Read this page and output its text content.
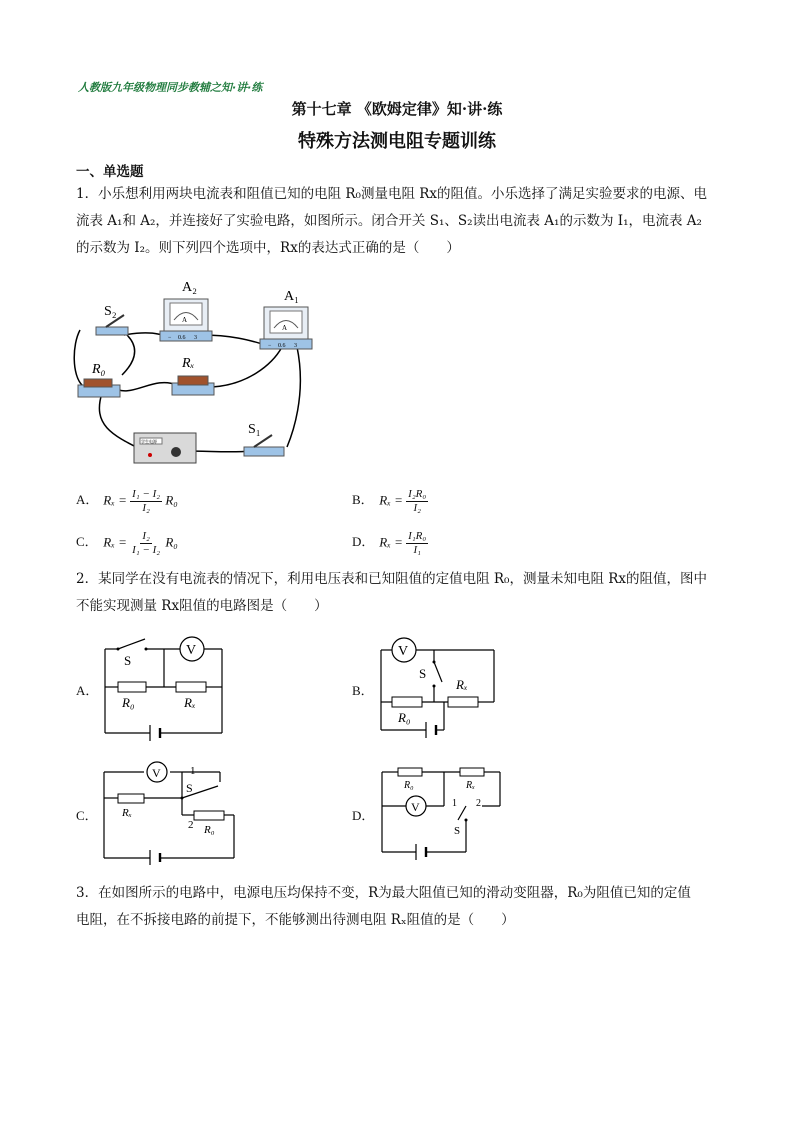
人教版九年级物理同步教辅之知·讲·练
第十七章 《欧姆定律》知·讲·练
特殊方法测电阻专题训练
一、单选题
1．小乐想利用两块电流表和阻值已知的电阻 R₀测量电阻 Rx的阻值。小乐选择了满足实验要求的电源、电
流表 A₁和 A₂，并连接好了实验电路，如图所示。闭合开关 S₁、S₂读出电流表 A₁的示数为 I₁，电流表 A₂
的示数为 I₂。则下列四个选项中，Rx的表达式正确的是（　　）
S₂
A
− 0.6 3
A₂
A
− 0.6 3
A₁
R₀	Rₓ
学生电源
S₁
A． $R_x = \frac{\text{I₁ − I₂}}{\text{I₂}} R_0$	B． $R_x = \frac{\text{I₂R₀}}{\text{I₂}}$
C． $R_x = \frac{\text{I₂}}{\text{I₁ − I₂}} R_0$	D． $R_x = \frac{\text{I₁R₀}}{\text{I₁}}$
2．某同学在没有电流表的情况下，利用电压表和已知阻值的定值电阻 R₀，测量未知电阻 Rx的阻值，图中
不能实现测量 Rx阻值的电路图是（　　）
A．
V
S
R₀	Rₓ
B．
V
S
Rₓ
R₀
C．
V
S
1
2
Rₓ
R₀
D．
R₀	Rₓ
V
S
1 2
3．在如图所示的电路中，电源电压均保持不变，R为最大阻值已知的滑动变阻器，R₀为阻值已知的定值
电阻，在不拆接电路的前提下，不能够测出待测电阻 Rₓ阻值的是（　　）
